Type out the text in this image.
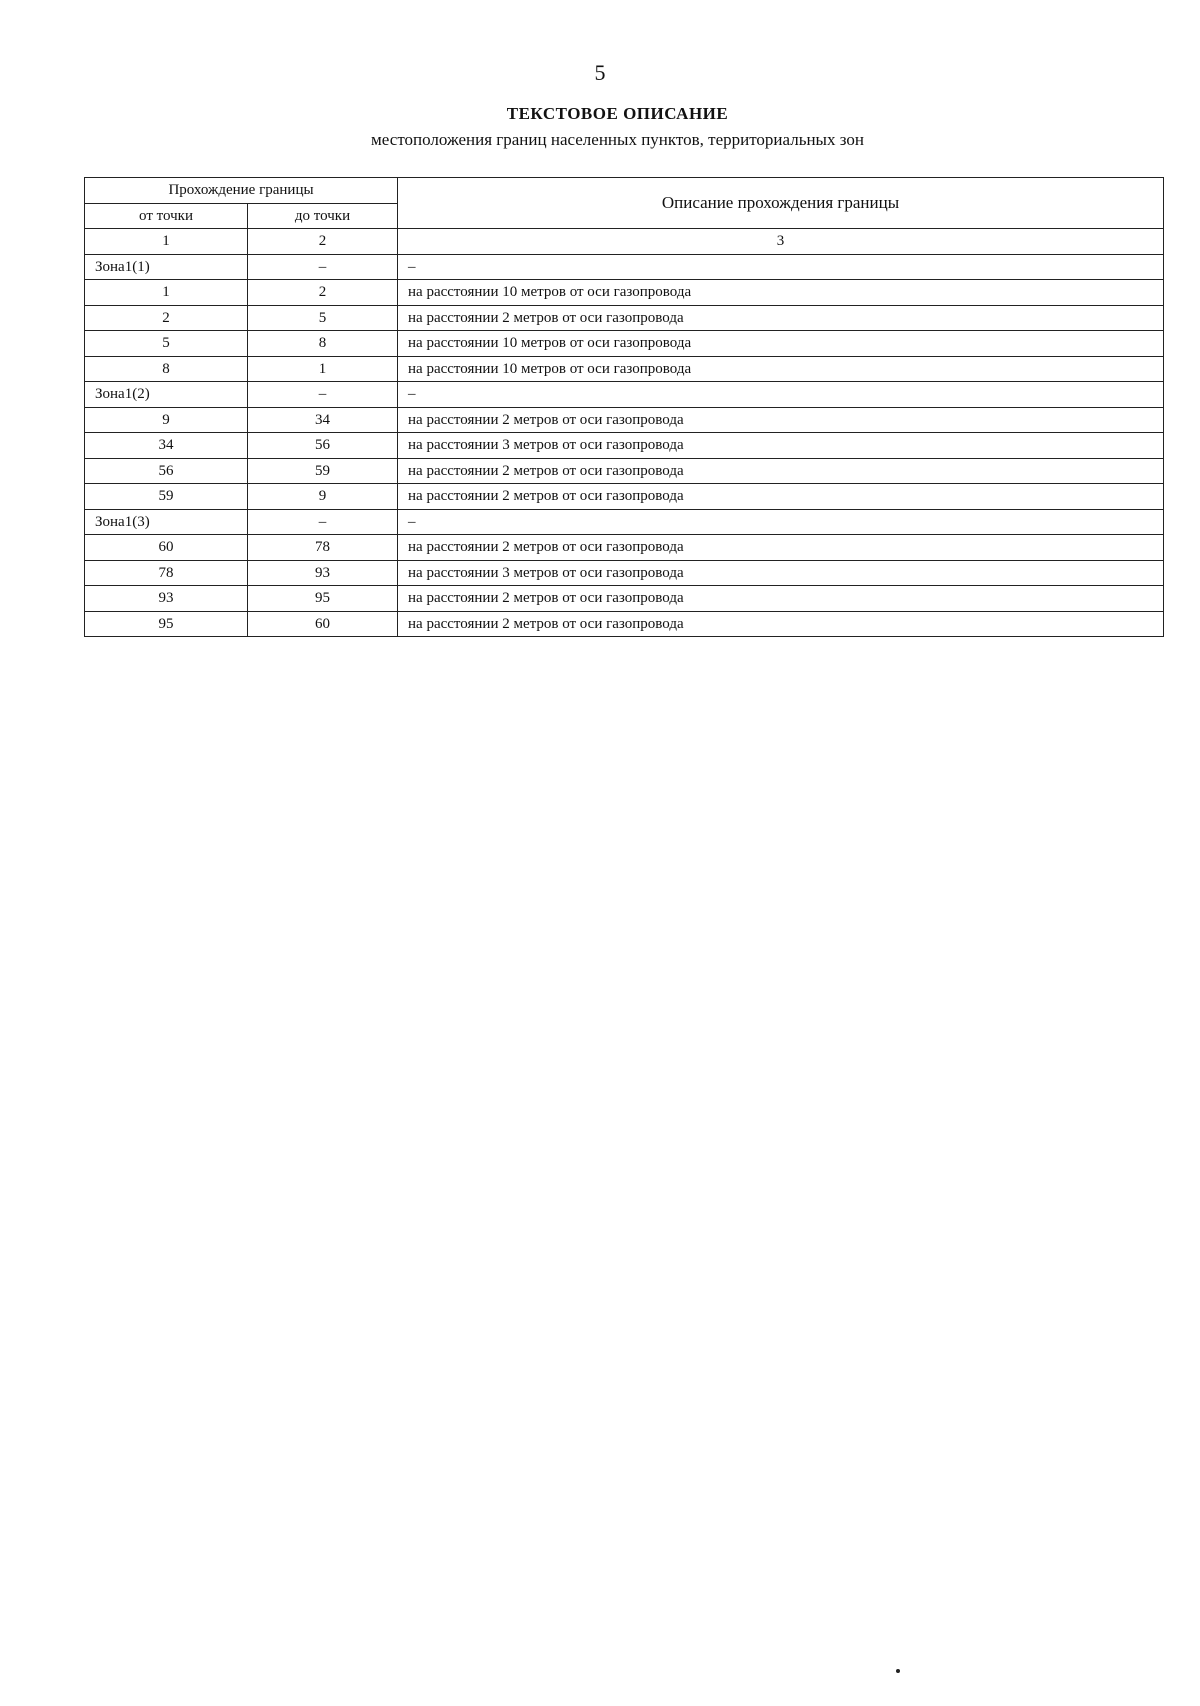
5
ТЕКСТОВОЕ ОПИСАНИЕ
местоположения границ населенных пунктов, территориальных зон
Прохождение границы		Описание прохождения границы
от точки	до точки	
1	2	3
Зона1(1)	–	–
1	2	на расстоянии 10 метров от оси газопровода
2	5	на расстоянии 2 метров от оси газопровода
5	8	на расстоянии 10 метров от оси газопровода
8	1	на расстоянии 10 метров от оси газопровода
Зона1(2)	–	–
9	34	на расстоянии 2 метров от оси газопровода
34	56	на расстоянии 3 метров от оси газопровода
56	59	на расстоянии 2 метров от оси газопровода
59	9	на расстоянии 2 метров от оси газопровода
Зона1(3)	–	–
60	78	на расстоянии 2 метров от оси газопровода
78	93	на расстоянии 3 метров от оси газопровода
93	95	на расстоянии 2 метров от оси газопровода
95	60	на расстоянии 2 метров от оси газопровода
